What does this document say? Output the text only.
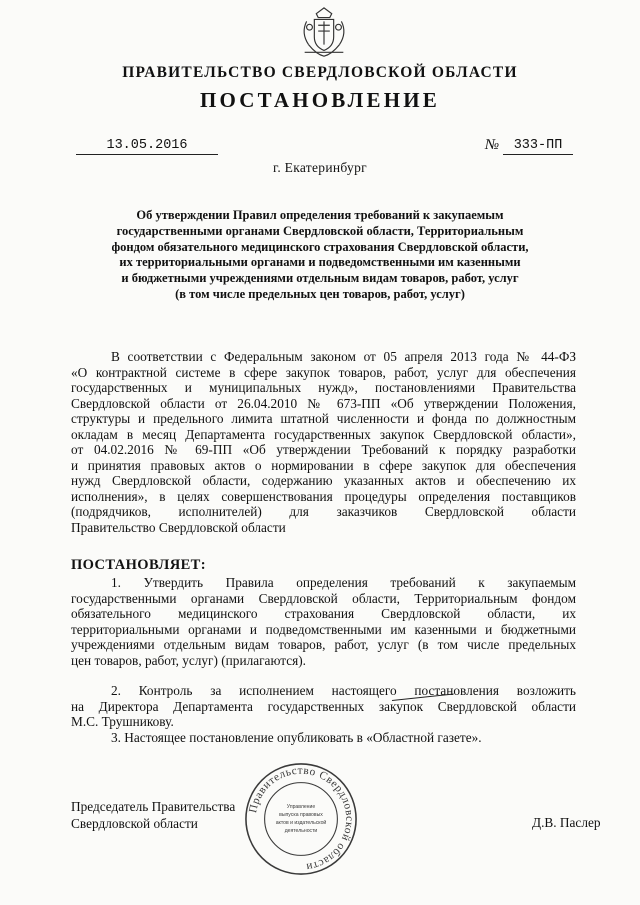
ПРАВИТЕЛЬСТВО СВЕРДЛОВСКОЙ ОБЛАСТИ
ПОСТАНОВЛЕНИЕ
13.05.2016	№	333-ПП
г. Екатеринбург
Об утверждении Правил определения требований к закупаемым
государственными органами Свердловской области, Территориальным
фондом обязательного медицинского страхования Свердловской области,
их территориальными органами и подведомственными им казенными
и бюджетными учреждениями отдельным видам товаров, работ, услуг
(в том числе предельных цен товаров, работ, услуг)
В соответствии с Федеральным законом от 05 апреля 2013 года № 44-ФЗ
«О контрактной системе в сфере закупок товаров, работ, услуг для обеспечения
государственных и муниципальных нужд», постановлениями Правительства
Свердловской области от 26.04.2010 № 673-ПП «Об утверждении Положения,
структуры и предельного лимита штатной численности и фонда по должностным
окладам в месяц Департамента государственных закупок Свердловской области»,
от 04.02.2016 № 69-ПП «Об утверждении Требований к порядку разработки
и принятия правовых актов о нормировании в сфере закупок для обеспечения
нужд Свердловской области, содержанию указанных актов и обеспечению их
исполнения», в целях совершенствования процедуры определения поставщиков
(подрядчиков, исполнителей) для заказчиков Свердловской области
Правительство Свердловской области
ПОСТАНОВЛЯЕТ:
1. Утвердить Правила определения требований к закупаемым
государственными органами Свердловской области, Территориальным фондом
обязательного медицинского страхования Свердловской области, их
территориальными органами и подведомственными им казенными и бюджетными
учреждениями отдельным видам товаров, работ, услуг (в том числе предельных
цен товаров, работ, услуг) (прилагаются).
2. Контроль за исполнением настоящего постановления возложить
на Директора Департамента государственных закупок Свердловской области
М.С. Трушникову.
3. Настоящее постановление опубликовать в «Областной газете».
Председатель Правительства
Свердловской области	Д.В. Паслер
Правительство Свердловской области
Управление
выпуска правовых
актов и издательской
деятельности
